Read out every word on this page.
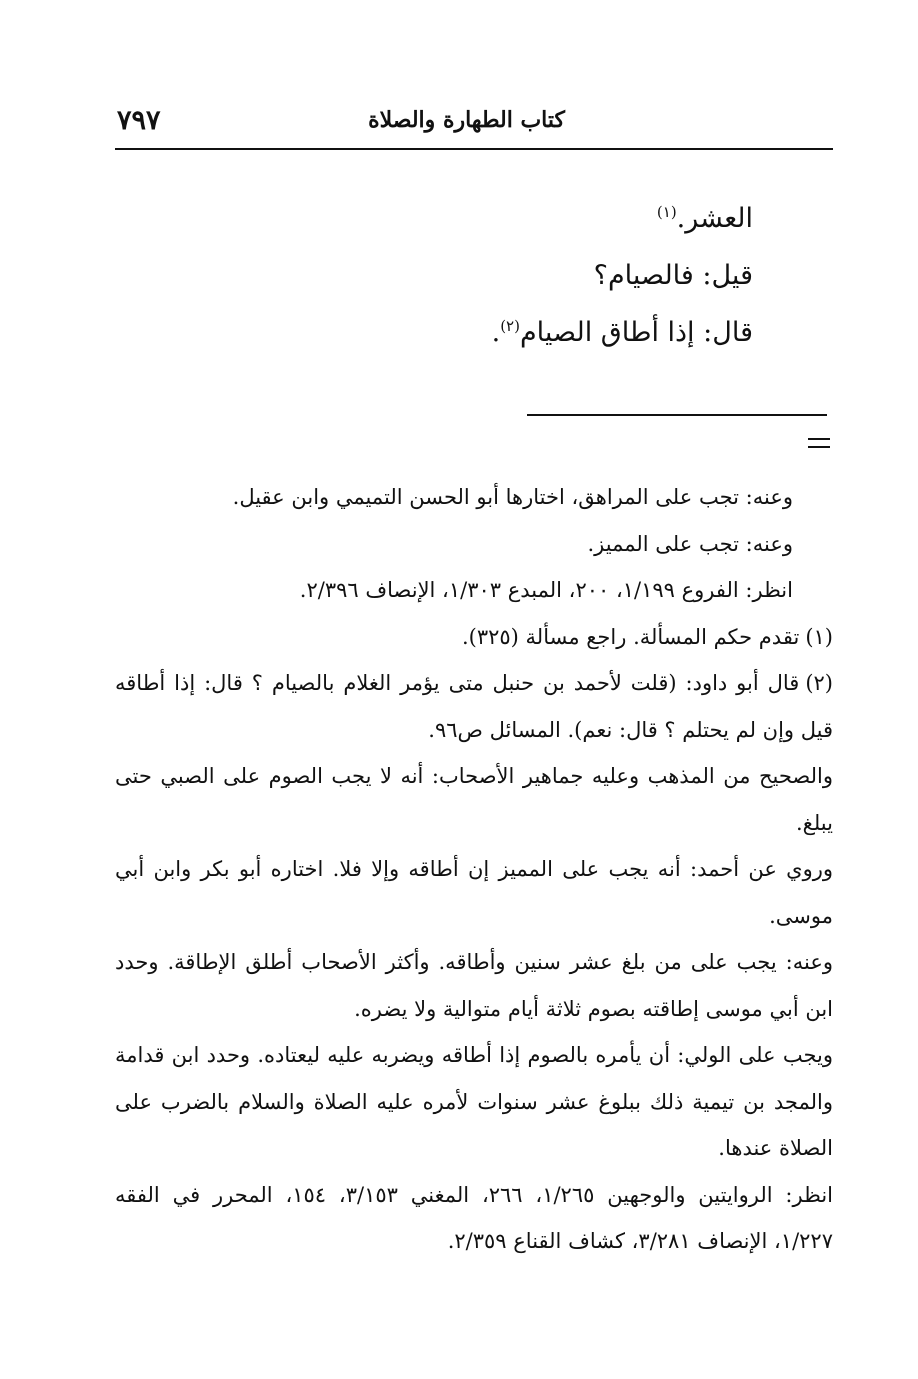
٧٩٧	كتاب الطهارة والصلاة

العشر.$^{(١)}$

قيل: فالصيام؟

قال: إذا أطاق الصيام$^{(٢)}$.

وعنه: تجب على المراهق، اختارها أبو الحسن التميمي وابن عقيل.

وعنه: تجب على المميز.

انظر: الفروع ١/١٩٩، ٢٠٠، المبدع ١/٣٠٣، الإنصاف ٢/٣٩٦.

(١)تقدم حكم المسألة. راجع مسألة (٣٢٥).

(٢)قال أبو داود: (قلت لأحمد بن حنبل متى يؤمر الغلام بالصيام ؟ قال: إذا أطاقه قيل وإن لم يحتلم ؟ قال: نعم). المسائل ص٩٦.

والصحيح من المذهب وعليه جماهير الأصحاب: أنه لا يجب الصوم على الصبي حتى يبلغ.

وروي عن أحمد: أنه يجب على المميز إن أطاقه وإلا فلا. اختاره أبو بكر وابن أبي موسى.

وعنه: يجب على من بلغ عشر سنين وأطاقه. وأكثر الأصحاب أطلق الإطاقة. وحدد ابن أبي موسى إطاقته بصوم ثلاثة أيام متوالية ولا يضره.

ويجب على الولي: أن يأمره بالصوم إذا أطاقه ويضربه عليه ليعتاده. وحدد ابن قدامة والمجد بن تيمية ذلك ببلوغ عشر سنوات لأمره عليه الصلاة والسلام بالضرب على الصلاة عندها.

انظر: الروايتين والوجهين ١/٢٦٥، ٢٦٦، المغني ٣/١٥٣، ١٥٤، المحرر في الفقه ١/٢٢٧، الإنصاف ٣/٢٨١، كشاف القناع ٢/٣٥٩.
